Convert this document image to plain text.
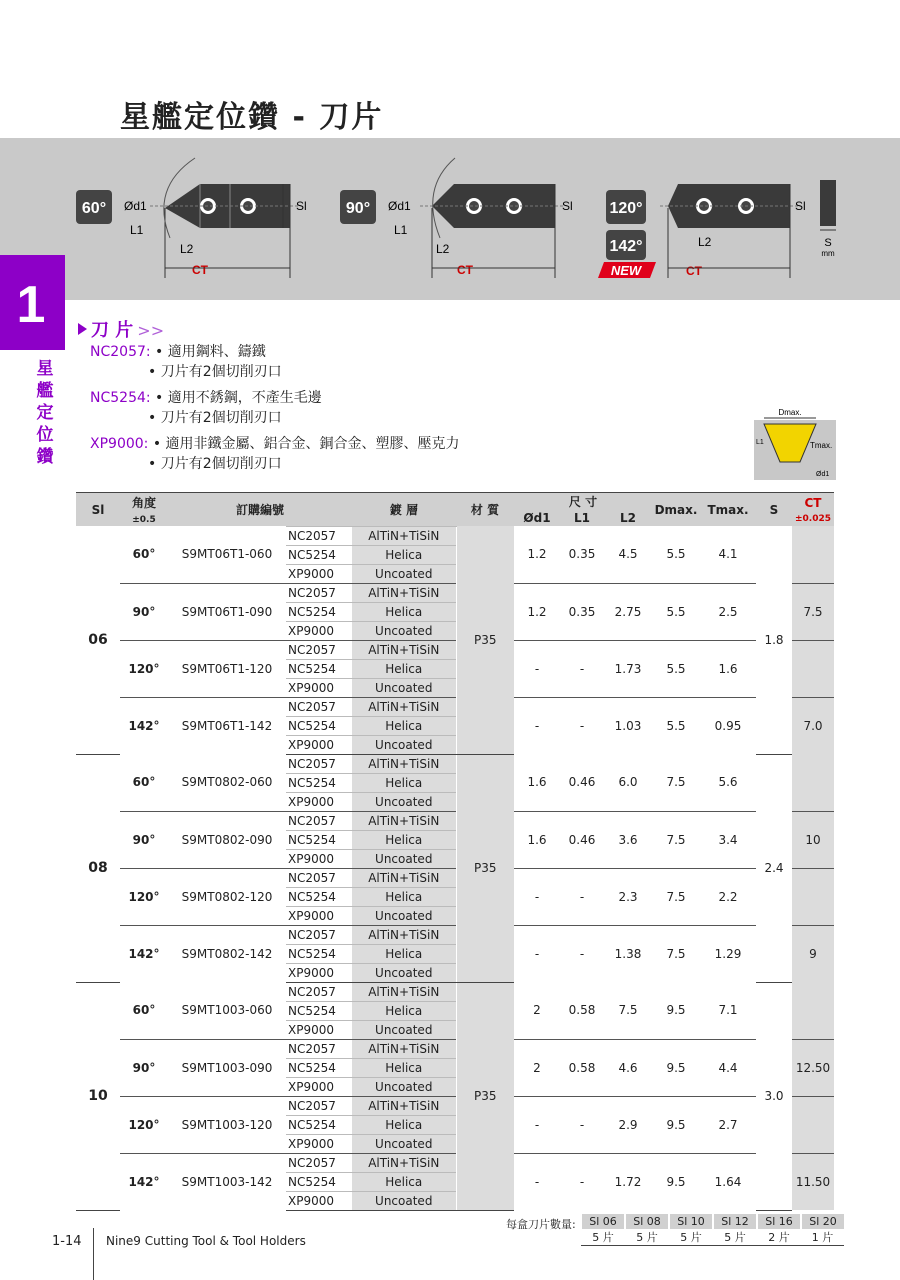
星艦定位鑽 - 刀片
60° Ød1
L1
L2
Sl
CT
90° Ød1
L1
L2
Sl
CT
120°
142°
NEW
L2
Sl
CT
S
mm
1
星艦定位鑽
刀 片 >>
NC2057: • 適用鋼料、鑄鐵
• 刀片有2個切削刃口
NC5254: • 適用不銹鋼，不產生毛邊
• 刀片有2個切削刃口
XP9000: • 適用非鐵金屬、鋁合金、銅合金、塑膠、壓克力
• 刀片有2個切削刃口
Dmax.
Tmax.
L1
Ød1
Sl	角度
±0.5	訂購編號		鍍 層	材 質	尺 寸			Dmax.	Tmax.	S	CT
±0.025
						Ød1	L1	L2				
06	60°	S9MT06T1-060	NC2057	AlTiN+TiSiN	P35	1.2	0.35	4.5	5.5	4.1	1.8	
			NC5254	Helica								
			XP9000	Uncoated								
	90°	S9MT06T1-090	NC2057	AlTiN+TiSiN		1.2	0.35	2.75	5.5	2.5		7.5
			NC5254	Helica								
			XP9000	Uncoated								
	120°	S9MT06T1-120	NC2057	AlTiN+TiSiN		-	-	1.73	5.5	1.6		
			NC5254	Helica								
			XP9000	Uncoated								
	142°	S9MT06T1-142	NC2057	AlTiN+TiSiN		-	-	1.03	5.5	0.95		7.0
			NC5254	Helica								
			XP9000	Uncoated								
08	60°	S9MT0802-060	NC2057	AlTiN+TiSiN	P35	1.6	0.46	6.0	7.5	5.6	2.4	
			NC5254	Helica								
			XP9000	Uncoated								
	90°	S9MT0802-090	NC2057	AlTiN+TiSiN		1.6	0.46	3.6	7.5	3.4		10
			NC5254	Helica								
			XP9000	Uncoated								
	120°	S9MT0802-120	NC2057	AlTiN+TiSiN		-	-	2.3	7.5	2.2		
			NC5254	Helica								
			XP9000	Uncoated								
	142°	S9MT0802-142	NC2057	AlTiN+TiSiN		-	-	1.38	7.5	1.29		9
			NC5254	Helica								
			XP9000	Uncoated								
10	60°	S9MT1003-060	NC2057	AlTiN+TiSiN	P35	2	0.58	7.5	9.5	7.1	3.0	
			NC5254	Helica								
			XP9000	Uncoated								
	90°	S9MT1003-090	NC2057	AlTiN+TiSiN		2	0.58	4.6	9.5	4.4		12.50
			NC5254	Helica								
			XP9000	Uncoated								
	120°	S9MT1003-120	NC2057	AlTiN+TiSiN		-	-	2.9	9.5	2.7		
			NC5254	Helica								
			XP9000	Uncoated								
	142°	S9MT1003-142	NC2057	AlTiN+TiSiN		-	-	1.72	9.5	1.64		11.50
			NC5254	Helica								
			XP9000	Uncoated								
每盒刀片數量: Sl 06	Sl 08	Sl 10	Sl 12	Sl 16	Sl 20
5 片	5 片	5 片	5 片	2 片	1 片
1-14 Nine9 Cutting Tool & Tool Holders
